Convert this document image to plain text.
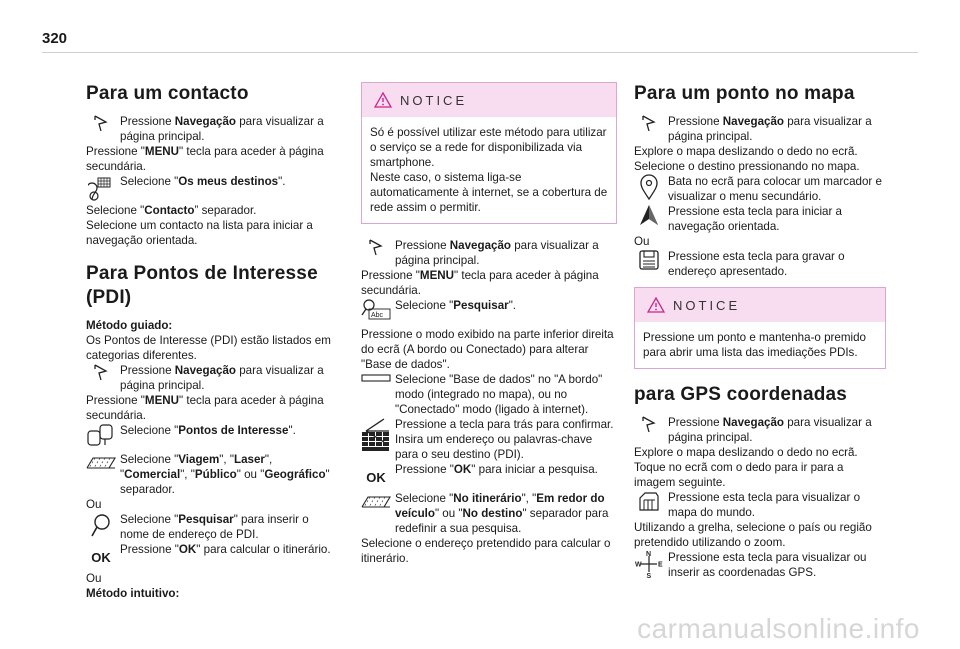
320
Para um contacto

Pressione Navegação para visualizar a página principal.

Pressione "MENU" tecla para aceder à página secundária.

Selecione "Os meus destinos".

Selecione "Contacto” separador.

Selecione um contacto na lista para iniciar a navegação orientada.

Para Pontos de Interesse (PDI)

Método guiado:

Os Pontos de Interesse (PDI) estão listados em categorias diferentes.

Pressione Navegação para visualizar a página principal.

Pressione "MENU" tecla para aceder à página secundária.

Selecione "Pontos de Interesse".

Selecione "Viagem", "Laser", "Comercial", "Público" ou "Geográfico" separador.

Ou

Selecione "Pesquisar" para inserir o nome de endereço de PDI.

OK

Pressione "OK" para calcular o itinerário.

Ou

Método intuitivo:

NOTICE
Só é possível utilizar este método para utilizar o serviço se a rede for disponibilizada via smartphone.
Neste caso, o sistema liga-se automaticamente à internet, se a cobertura de rede assim o permitir.

Pressione Navegação para visualizar a página principal.

Pressione "MENU" tecla para aceder à página secundária.

Abc

Selecione "Pesquisar".

Pressione o modo exibido na parte inferior direita do ecrã (A bordo ou Conectado) para alterar "Base de dados".

Selecione "Base de dados" no "A bordo" modo (integrado no mapa), ou no "Conectado" modo (ligado à internet).

Pressione a tecla para trás para confirmar.

Insira um endereço ou palavras-chave para o seu destino (PDI).

OK

Pressione "OK" para iniciar a pesquisa.

Selecione "No itinerário", "Em redor do veículo" ou "No destino" separador para redefinir a sua pesquisa.

Selecione o endereço pretendido para calcular o itinerário.

Para um ponto no mapa

Pressione Navegação para visualizar a página principal.

Explore o mapa deslizando o dedo no ecrã.

Selecione o destino pressionando no mapa.

Bata no ecrã para colocar um marcador e visualizar o menu secundário.

Pressione esta tecla para iniciar a navegação orientada.

Ou

Pressione esta tecla para gravar o endereço apresentado.

NOTICE
Pressione um ponto e mantenha-o premido para abrir uma lista das imediações PDIs.
para GPS coordenadas

Pressione Navegação para visualizar a página principal.

Explore o mapa deslizando o dedo no ecrã.

Toque no ecrã com o dedo para ir para a imagem seguinte.

Pressione esta tecla para visualizar o mapa do mundo.

Utilizando a grelha, selecione o país ou região pretendido utilizando o zoom.

N
S
W E

Pressione esta tecla para visualizar ou inserir as coordenadas GPS.

carmanualsonline.info
